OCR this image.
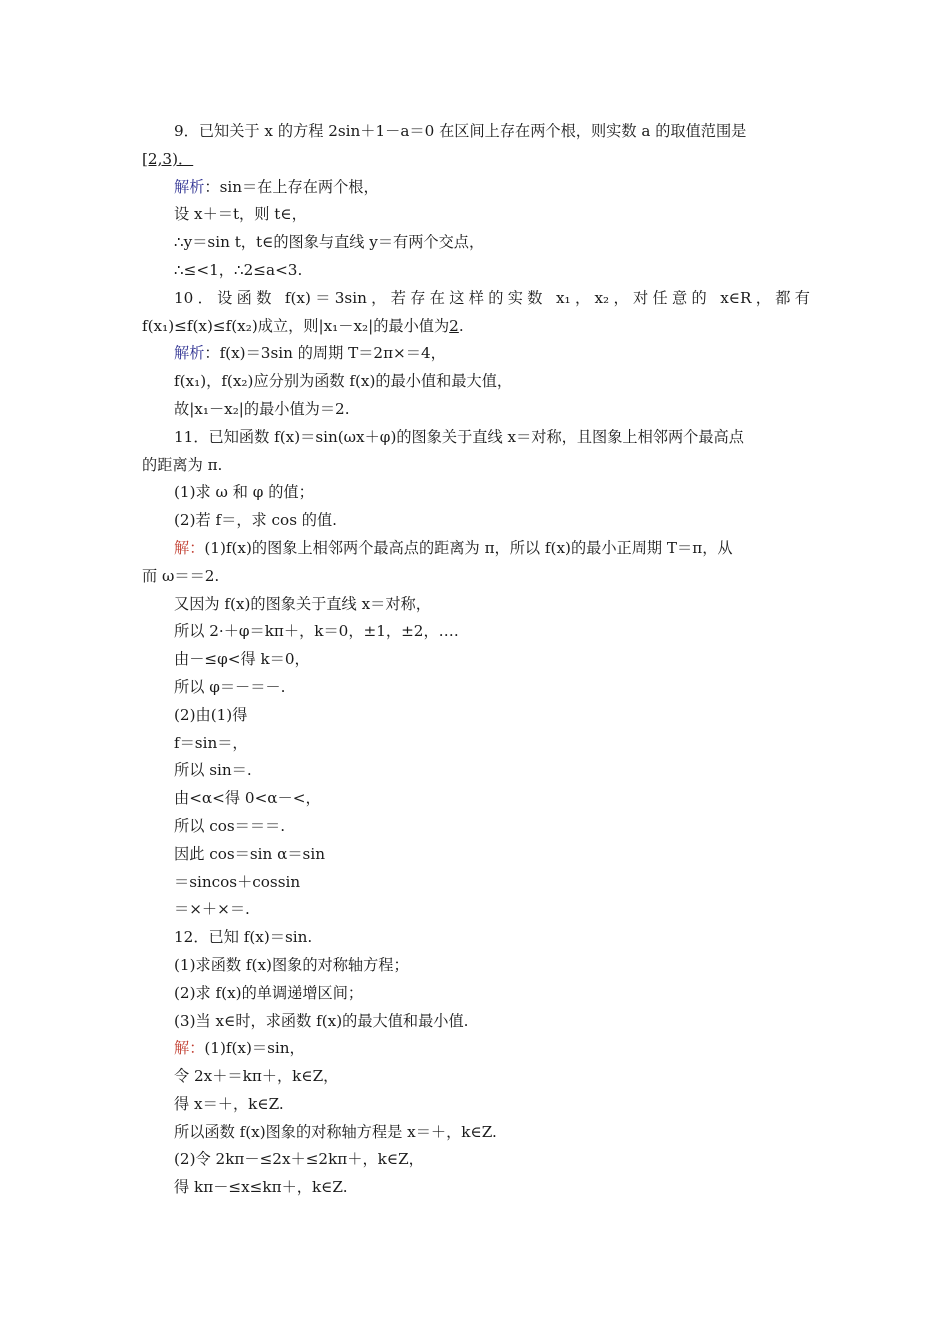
9．已知关于 x 的方程 2sin＋1－a＝0 在区间上存在两个根，则实数 a 的取值范围是
[2,3)．
解析：sin＝在上存在两个根，
设 x＋＝t，则 t∈，
∴y＝sin t，t∈的图象与直线 y＝有两个交点，
∴≤<1，∴2≤a<3.
10．设函数 f(x)＝3sin，若存在这样的实数 x₁，x₂，对任意的 x∈R，都有
f(x₁)≤f(x)≤f(x₂)成立，则|x₁－x₂|的最小值为2.
解析：f(x)＝3sin 的周期 T＝2π×＝4，
f(x₁)，f(x₂)应分别为函数 f(x)的最小值和最大值，
故|x₁－x₂|的最小值为＝2.
11．已知函数 f(x)＝sin(ωx＋φ)的图象关于直线 x＝对称，且图象上相邻两个最高点
的距离为 π.
(1)求 ω 和 φ 的值；
(2)若 f＝，求 cos 的值.
解：(1)f(x)的图象上相邻两个最高点的距离为 π，所以 f(x)的最小正周期 T＝π，从
而 ω＝＝2.
又因为 f(x)的图象关于直线 x＝对称，
所以 2·＋φ＝kπ＋，k＝0，±1，±2，….
由－≤φ<得 k＝0，
所以 φ＝－＝－.
(2)由(1)得
f＝sin＝，
所以 sin＝.
由<α<得 0<α－<，
所以 cos＝＝＝.
因此 cos＝sin α＝sin
＝sincos＋cossin
＝×＋×＝.
12．已知 f(x)＝sin.
(1)求函数 f(x)图象的对称轴方程；
(2)求 f(x)的单调递增区间；
(3)当 x∈时，求函数 f(x)的最大值和最小值.
解：(1)f(x)＝sin，
令 2x＋＝kπ＋，k∈Z，
得 x＝＋，k∈Z.
所以函数 f(x)图象的对称轴方程是 x＝＋，k∈Z.
(2)令 2kπ－≤2x＋≤2kπ＋，k∈Z，
得 kπ－≤x≤kπ＋，k∈Z.
